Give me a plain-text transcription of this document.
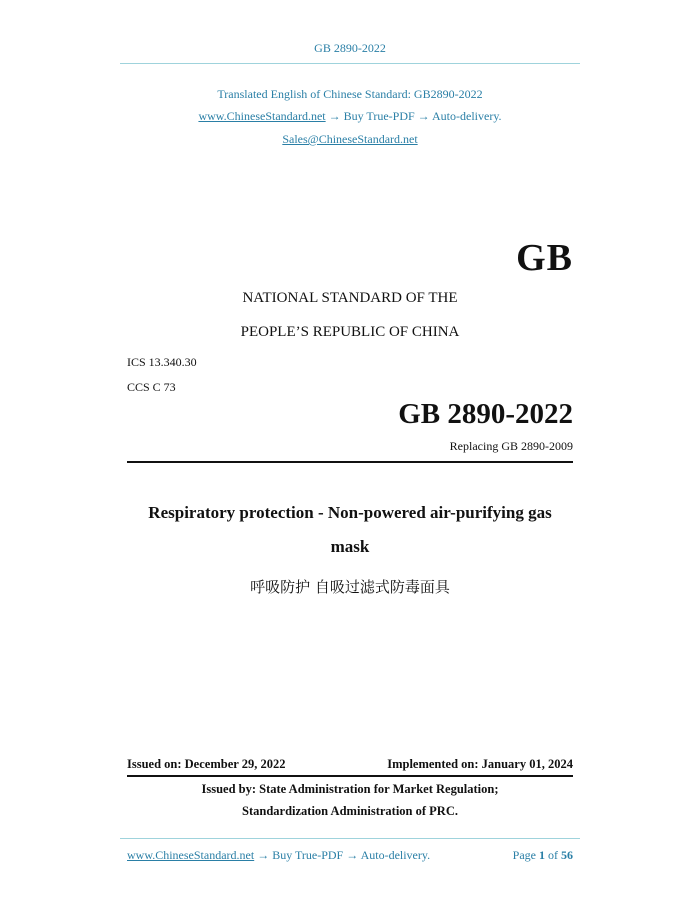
GB 2890-2022
Translated English of Chinese Standard: GB2890-2022
www.ChineseStandard.net → Buy True-PDF → Auto-delivery.
Sales@ChineseStandard.net
GB
NATIONAL STANDARD OF THE
PEOPLE’S REPUBLIC OF CHINA
ICS 13.340.30
CCS C 73
GB 2890-2022
Replacing GB 2890-2009
Respiratory protection - Non-powered air-purifying gas
mask
呼吸防护 自吸过滤式防毒面具
Issued on: December 29, 2022	Implemented on: January 01, 2024
Issued by: State Administration for Market Regulation;
Standardization Administration of PRC.
www.ChineseStandard.net → Buy True-PDF → Auto-delivery.	Page 1 of 56
